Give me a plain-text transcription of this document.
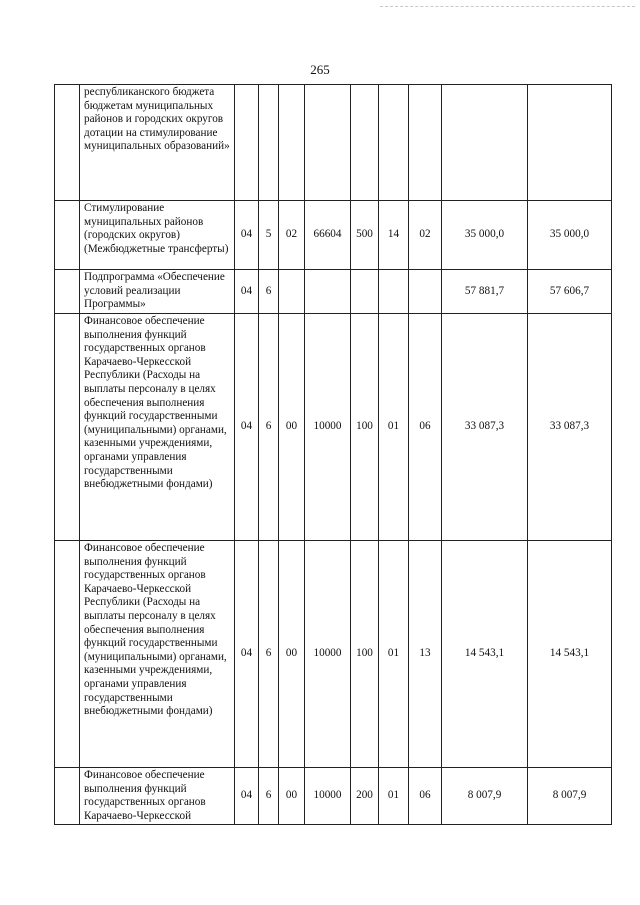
265
	республиканского бюджета бюджетам муниципальных районов и городских округов дотации на стимулирование муниципальных образований»									
	Стимулирование муниципальных районов (городских округов) (Межбюджетные трансферты)	04	5	02	66604	500	14	02	35 000,0	35 000,0
	Подпрограмма «Обеспечение условий реализации Программы»	04	6						57 881,7	57 606,7
	Финансовое обеспечение выполнения функций государственных органов Карачаево-Черкесской Республики (Расходы на выплаты персоналу в целях обеспечения выполнения функций государственными (муниципальными) органами, казенными учреждениями, органами управления государственными внебюджетными фондами)	04	6	00	10000	100	01	06	33 087,3	33 087,3
	Финансовое обеспечение выполнения функций государственных органов Карачаево-Черкесской Республики (Расходы на выплаты персоналу в целях обеспечения выполнения функций государственными (муниципальными) органами, казенными учреждениями, органами управления государственными внебюджетными фондами)	04	6	00	10000	100	01	13	14 543,1	14 543,1
	Финансовое обеспечение выполнения функций государственных органов Карачаево-Черкесской	04	6	00	10000	200	01	06	8 007,9	8 007,9
